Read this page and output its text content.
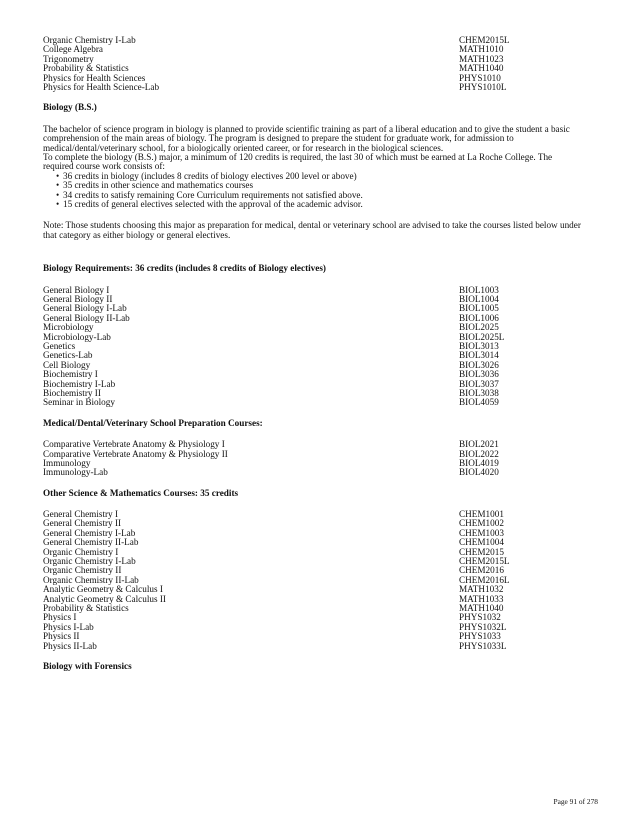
Organic Chemistry I-Lab	CHEM2015L
College Algebra	MATH1010
Trigonometry	MATH1023
Probability & Statistics	MATH1040
Physics for Health Sciences	PHYS1010
Physics for Health Science-Lab	PHYS1010L
Biology (B.S.)

The bachelor of science program in biology is planned to provide scientific training as part of a liberal education and to give the student a basic

comprehension of the main areas of biology. The program is designed to prepare the student for graduate work, for admission to

medical/dental/veterinary school, for a biologically oriented career, or for research in the biological sciences.

To complete the biology (B.S.) major, a minimum of 120 credits is required, the last 30 of which must be earned at La Roche College. The

required course work consists of:

• 36 credits in biology (includes 8 credits of biology electives 200 level or above)
• 35 credits in other science and mathematics courses
• 34 credits to satisfy remaining Core Curriculum requirements not satisfied above.
• 15 credits of general electives selected with the approval of the academic advisor.

Note: Those students choosing this major as preparation for medical, dental or veterinary school are advised to take the courses listed below under

that category as either biology or general electives.

Biology Requirements: 36 credits (includes 8 credits of Biology electives)
General Biology I	BIOL1003
General Biology II	BIOL1004
General Biology I-Lab	BIOL1005
General Biology II-Lab	BIOL1006
Microbiology	BIOL2025
Microbiology-Lab	BIOL2025L
Genetics	BIOL3013
Genetics-Lab	BIOL3014
Cell Biology	BIOL3026
Biochemistry I	BIOL3036
Biochemistry I-Lab	BIOL3037
Biochemistry II	BIOL3038
Seminar in Biology	BIOL4059
Medical/Dental/Veterinary School Preparation Courses:
Comparative Vertebrate Anatomy & Physiology I	BIOL2021
Comparative Vertebrate Anatomy & Physiology II	BIOL2022
Immunology	BIOL4019
Immunology-Lab	BIOL4020
Other Science & Mathematics Courses: 35 credits
General Chemistry I	CHEM1001
General Chemistry II	CHEM1002
General Chemistry I-Lab	CHEM1003
General Chemistry II-Lab	CHEM1004
Organic Chemistry I	CHEM2015
Organic Chemistry I-Lab	CHEM2015L
Organic Chemistry II	CHEM2016
Organic Chemistry II-Lab	CHEM2016L
Analytic Geometry & Calculus I	MATH1032
Analytic Geometry & Calculus II	MATH1033
Probability & Statistics	MATH1040
Physics I	PHYS1032
Physics I-Lab	PHYS1032L
Physics II	PHYS1033
Physics II-Lab	PHYS1033L
Biology with Forensics
Page 91 of 278
